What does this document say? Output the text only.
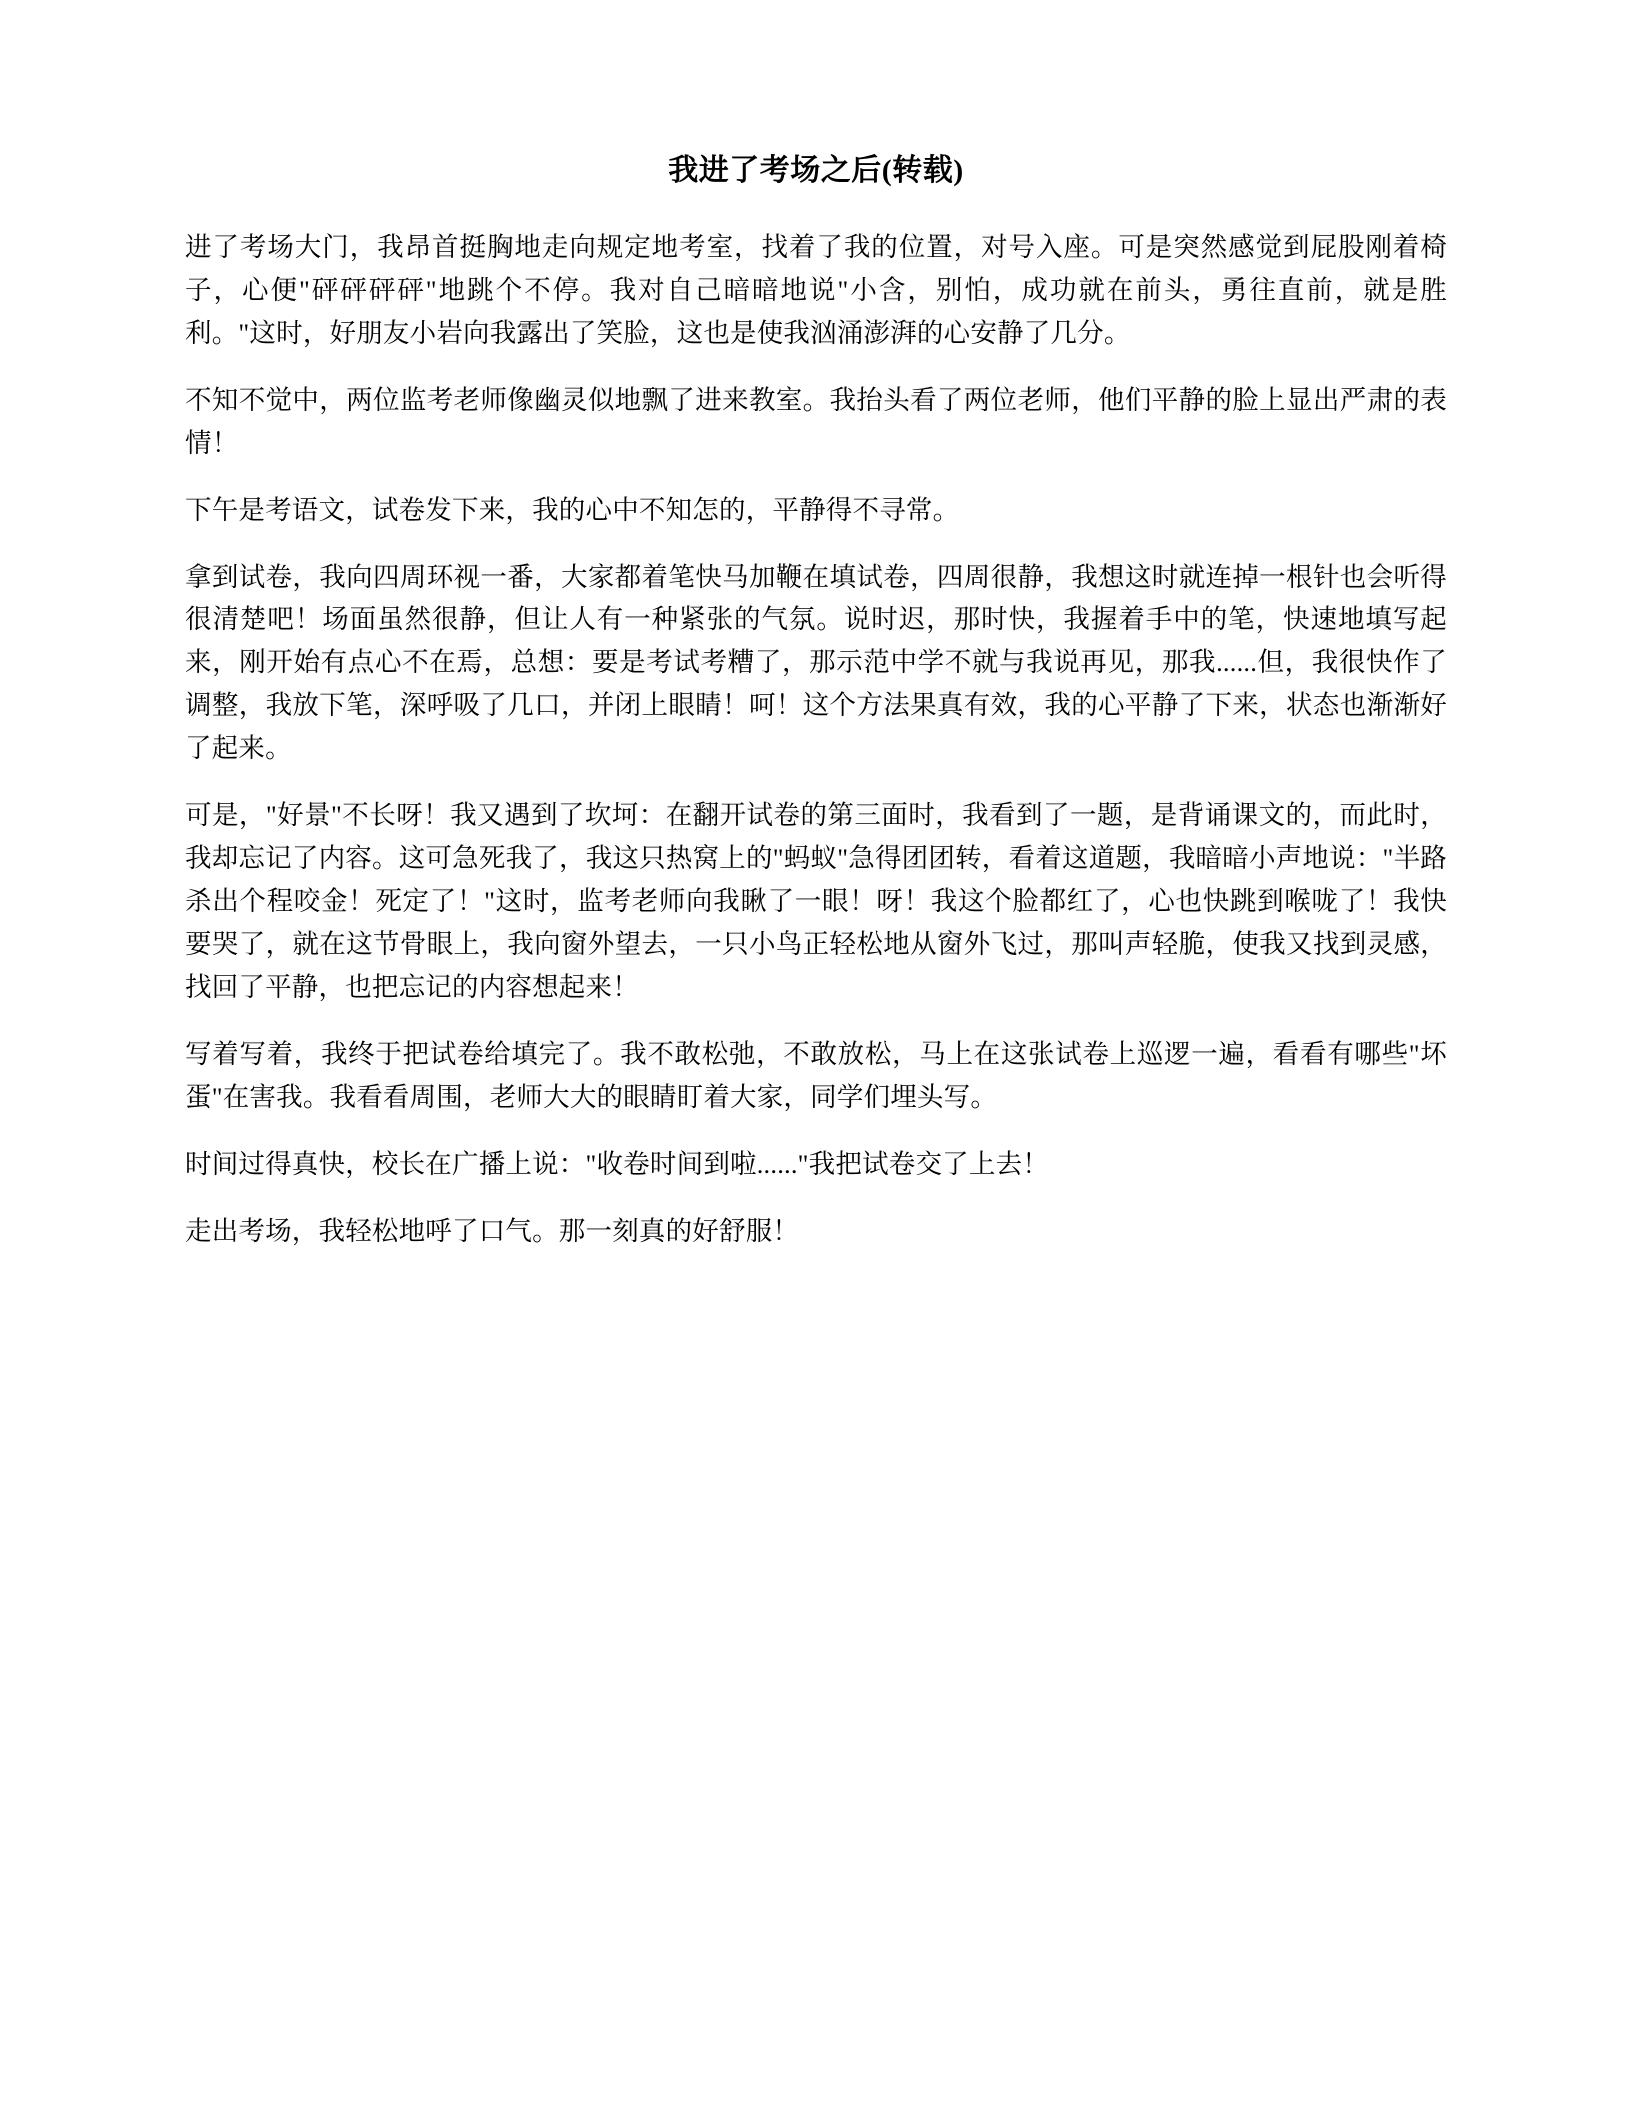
我进了考场之后(转载)

进了考场大门，我昂首挺胸地走向规定地考室，找着了我的位置，对号入座。可是突然感觉到屁股刚着椅子，心便"砰砰砰砰"地跳个不停。我对自己暗暗地说"小含，别怕，成功就在前头，勇往直前，就是胜利。"这时，好朋友小岩向我露出了笑脸，这也是使我汹涌澎湃的心安静了几分。

不知不觉中，两位监考老师像幽灵似地飘了进来教室。我抬头看了两位老师，他们平静的脸上显出严肃的表情！

下午是考语文，试卷发下来，我的心中不知怎的，平静得不寻常。

拿到试卷，我向四周环视一番，大家都着笔快马加鞭在填试卷，四周很静，我想这时就连掉一根针也会听得很清楚吧！场面虽然很静，但让人有一种紧张的气氛。说时迟，那时快，我握着手中的笔，快速地填写起来，刚开始有点心不在焉，总想：要是考试考糟了，那示范中学不就与我说再见，那我......但，我很快作了调整，我放下笔，深呼吸了几口，并闭上眼睛！呵！这个方法果真有效，我的心平静了下来，状态也渐渐好了起来。

可是，"好景"不长呀！我又遇到了坎坷：在翻开试卷的第三面时，我看到了一题，是背诵课文的，而此时，我却忘记了内容。这可急死我了，我这只热窝上的"蚂蚁"急得团团转，看着这道题，我暗暗小声地说："半路杀出个程咬金！死定了！"这时，监考老师向我瞅了一眼！呀！我这个脸都红了，心也快跳到喉咙了！我快要哭了，就在这节骨眼上，我向窗外望去，一只小鸟正轻松地从窗外飞过，那叫声轻脆，使我又找到灵感，找回了平静，也把忘记的内容想起来！

写着写着，我终于把试卷给填完了。我不敢松弛，不敢放松，马上在这张试卷上巡逻一遍，看看有哪些"坏蛋"在害我。我看看周围，老师大大的眼睛盯着大家，同学们埋头写。

时间过得真快，校长在广播上说："收卷时间到啦......"我把试卷交了上去！

走出考场，我轻松地呼了口气。那一刻真的好舒服！
